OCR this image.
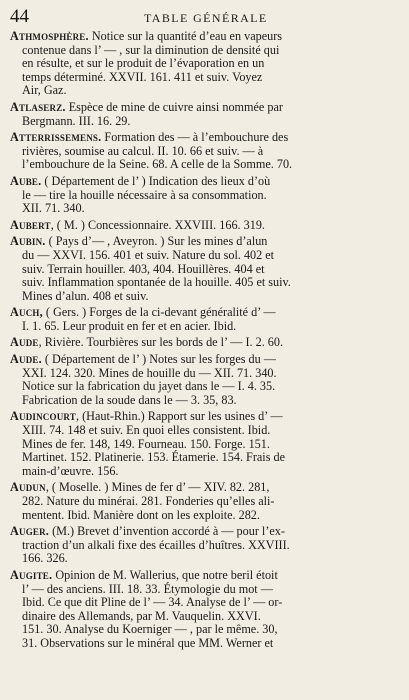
44	TABLE GÉNÉRALE
Athmosphère. Notice sur la quantité d’eau en vapeurs
contenue dans l’ — , sur la diminution de densité qui
en résulte, et sur le produit de l’évaporation en un
temps déterminé. XXVII. 161. 411 et suiv. Voyez
Air, Gaz.
Atlaserz. Espèce de mine de cuivre ainsi nommée par
Bergmann. III. 16. 29.
Atterrissemens. Formation des — à l’embouchure des
rivières, soumise au calcul. II. 10. 66 et suiv. — à
l’embouchure de la Seine. 68. A celle de la Somme. 70.
Aube. ( Département de l’ ) Indication des lieux d’où
le — tire la houille nécessaire à sa consommation.
XII. 71. 340.
Aubert, ( M. ) Concessionnaire. XXVIII. 166. 319.
Aubin. ( Pays d’— , Aveyron. ) Sur les mines d’alun
du — XXVI. 156. 401 et suiv. Nature du sol. 402 et
suiv. Terrain houiller. 403, 404. Houillères. 404 et
suiv. Inflammation spontanée de la houille. 405 et suiv.
Mines d’alun. 408 et suiv.
Auch, ( Gers. ) Forges de la ci-devant généralité d’ —
I. 1. 65. Leur produit en fer et en acier. Ibid.
Aude, Rivière. Tourbières sur les bords de l’ — I. 2. 60.
Aude. ( Département de l’ ) Notes sur les forges du —
XXI. 124. 320. Mines de houille du — XII. 71. 340.
Notice sur la fabrication du jayet dans le — I. 4. 35.
Fabrication de la soude dans le — 3. 35, 83.
Audincourt, (Haut-Rhin.) Rapport sur les usines d’ —
XIII. 74. 148 et suiv. En quoi elles consistent. Ibid.
Mines de fer. 148, 149. Fourneau. 150. Forge. 151.
Martinet. 152. Platinerie. 153. Étamerie. 154. Frais de
main-d’œuvre. 156.
Audun, ( Moselle. ) Mines de fer d’ — XIV. 82. 281,
282. Nature du minérai. 281. Fonderies qu’elles ali-
mentent. Ibid. Manière dont on les exploite. 282.
Auger. (M.) Brevet d’invention accordé à — pour l’ex-
traction d’un alkali fixe des écailles d’huîtres. XXVIII.
166. 326.
Augite. Opinion de M. Wallerius, que notre beril étoit
l’ — des anciens. III. 18. 33. Étymologie du mot —
Ibid. Ce que dit Pline de l’ — 34. Analyse de l’ — or-
dinaire des Allemands, par M. Vauquelin. XXVI.
151. 30. Analyse du Koerniger — , par le même. 30,
31. Observations sur le minéral que MM. Werner et
